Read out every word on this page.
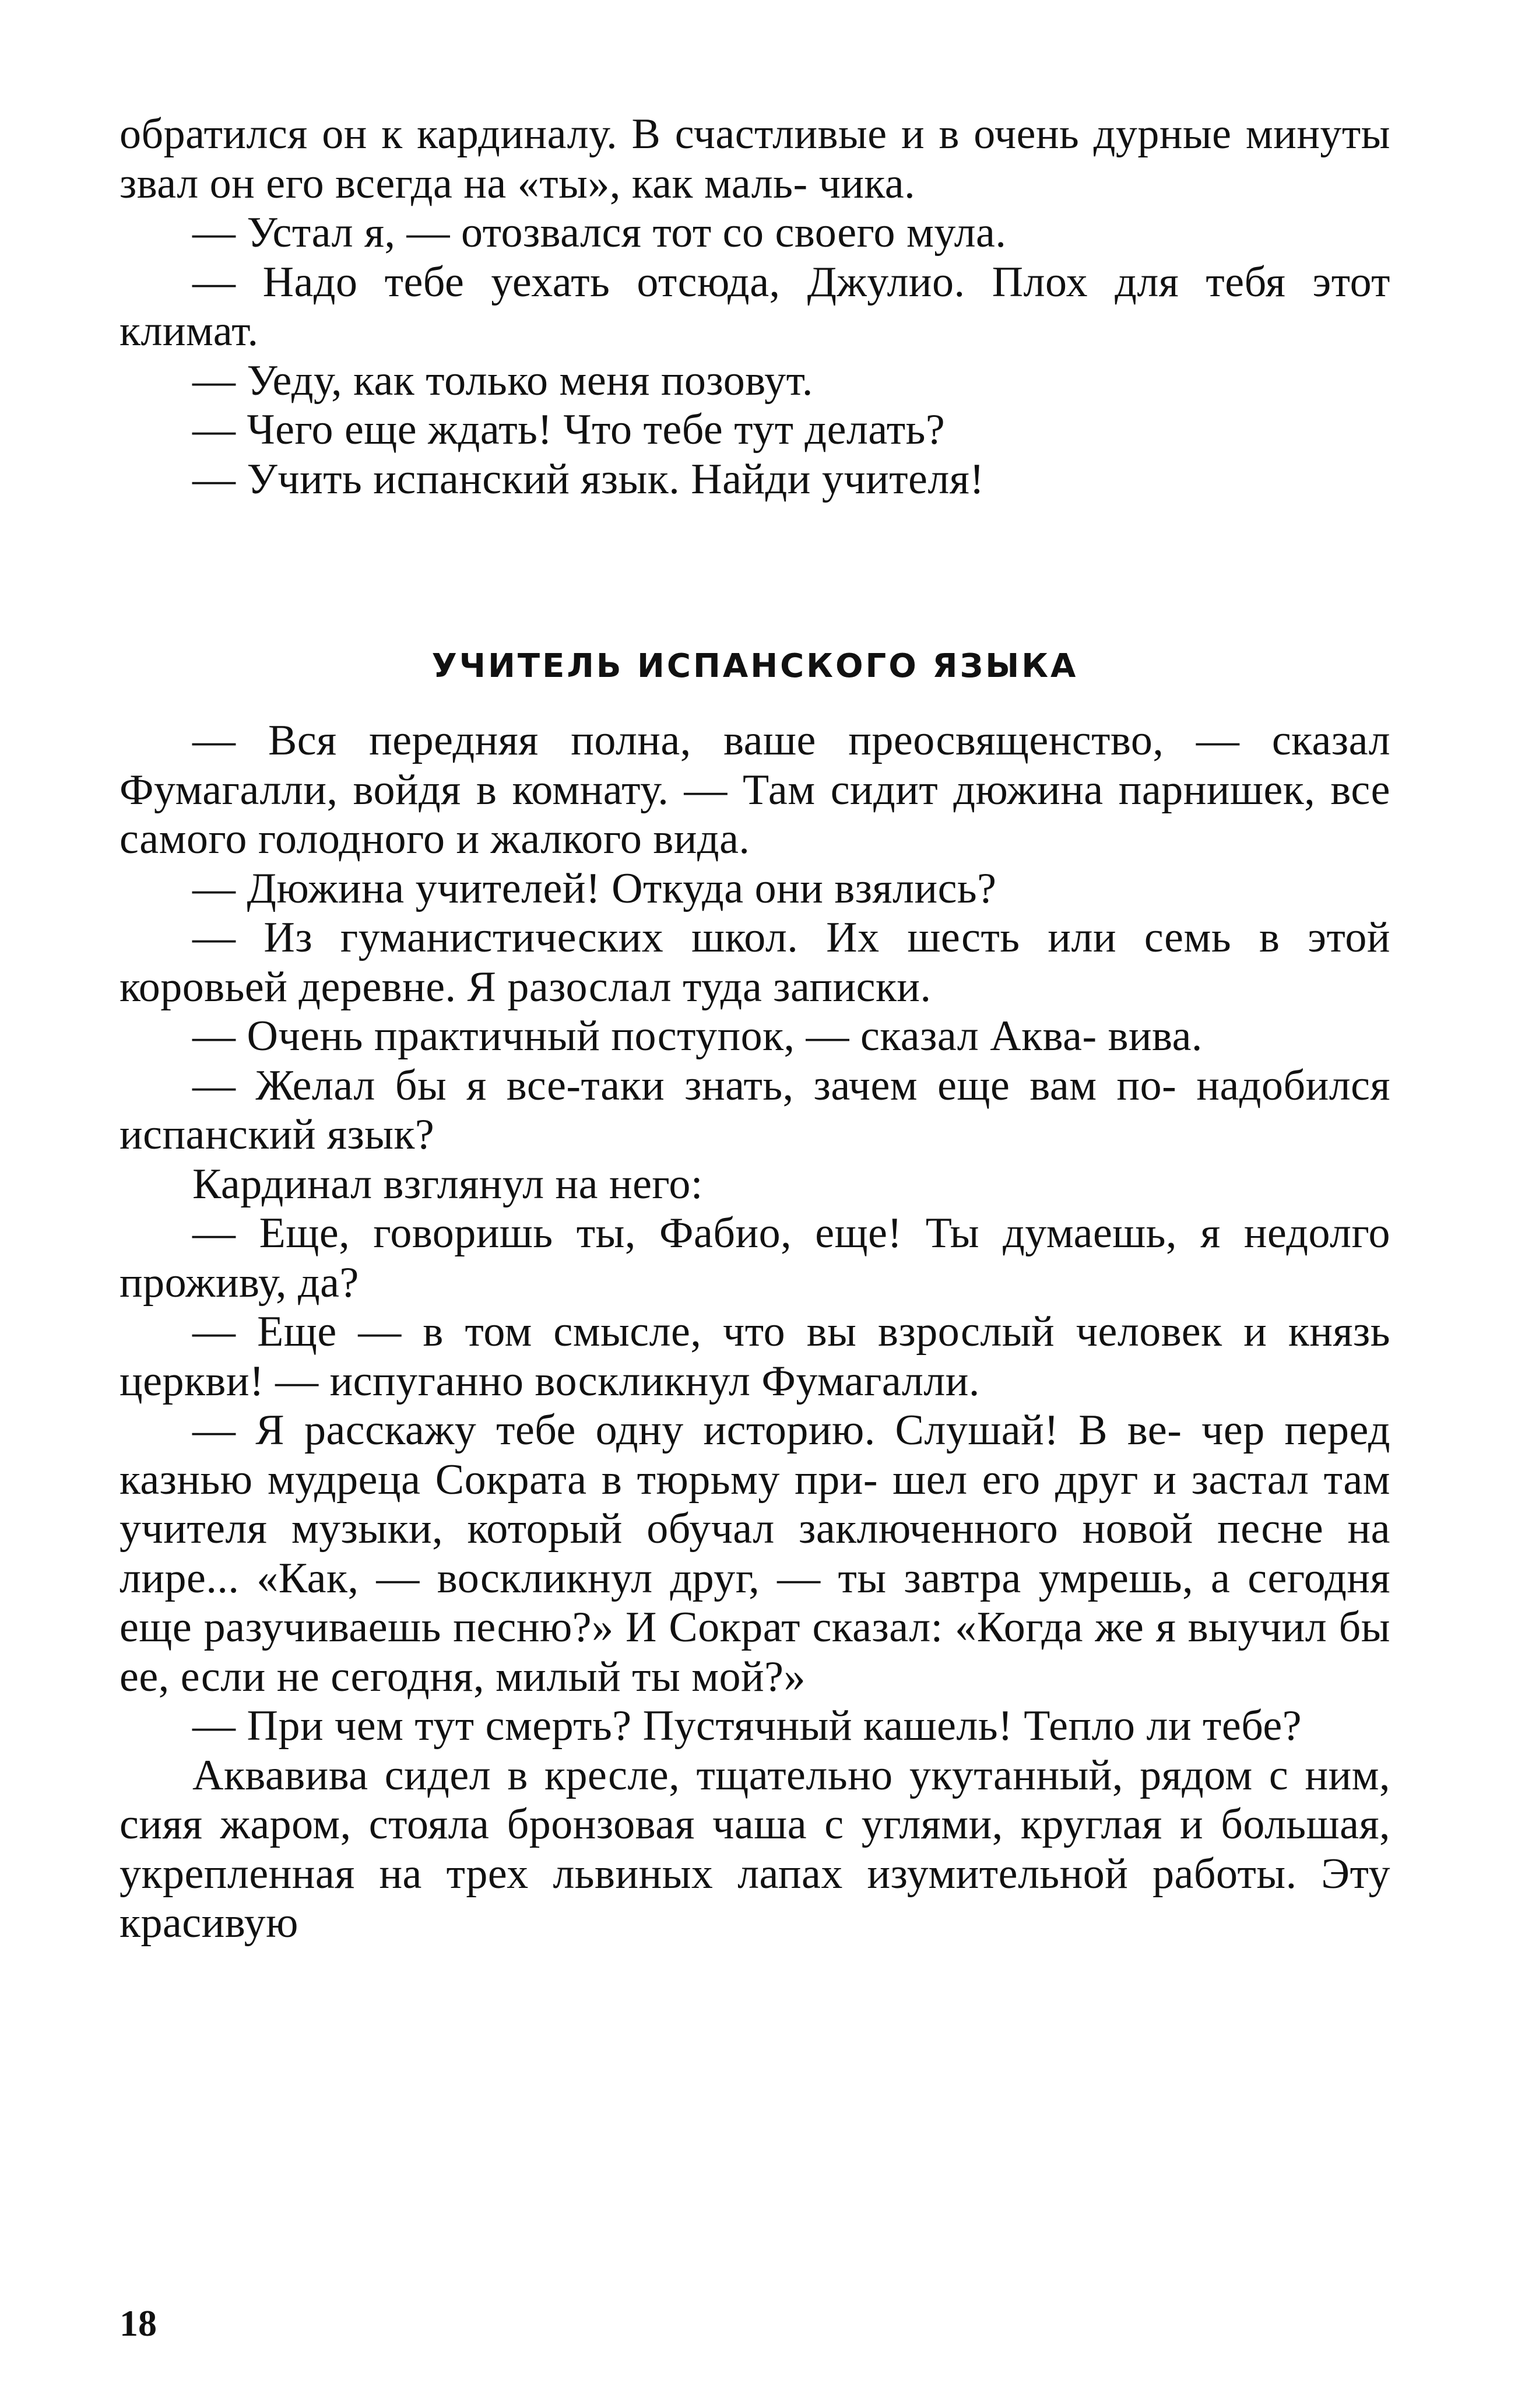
обратился он к кардиналу. В счастливые и в очень дурные минуты звал он его всегда на «ты», как маль- чика.

— Устал я, — отозвался тот со своего мула.

— Надо тебе уехать отсюда, Джулио. Плох для тебя этот климат.

— Уеду, как только меня позовут.

— Чего еще ждать! Что тебе тут делать?

— Учить испанский язык. Найди учителя!

УЧИТЕЛЬ ИСПАНСКОГО ЯЗЫКА

— Вся передняя полна, ваше преосвященство, — сказал Фумагалли, войдя в комнату. — Там сидит дюжина парнишек, все самого голодного и жалкого вида.

— Дюжина учителей! Откуда они взялись?

— Из гуманистических школ. Их шесть или семь в этой коровьей деревне. Я разослал туда записки.

— Очень практичный поступок, — сказал Аква- вива.

— Желал бы я все-таки знать, зачем еще вам по- надобился испанский язык?

Кардинал взглянул на него:

— Еще, говоришь ты, Фабио, еще! Ты думаешь, я недолго проживу, да?

— Еще — в том смысле, что вы взрослый человек и князь церкви! — испуганно воскликнул Фумагалли.

— Я расскажу тебе одну историю. Слушай! В ве- чер перед казнью мудреца Сократа в тюрьму при- шел его друг и застал там учителя музыки, который обучал заключенного новой песне на лире... «Как, — воскликнул друг, — ты завтра умрешь, а сегодня еще разучиваешь песню?» И Сократ сказал: «Когда же я выучил бы ее, если не сегодня, милый ты мой?»

— При чем тут смерть? Пустячный кашель! Тепло ли тебе?

Аквавива сидел в кресле, тщательно укутанный, рядом с ним, сияя жаром, стояла бронзовая чаша с углями, круглая и большая, укрепленная на трех львиных лапах изумительной работы. Эту красивую

18
